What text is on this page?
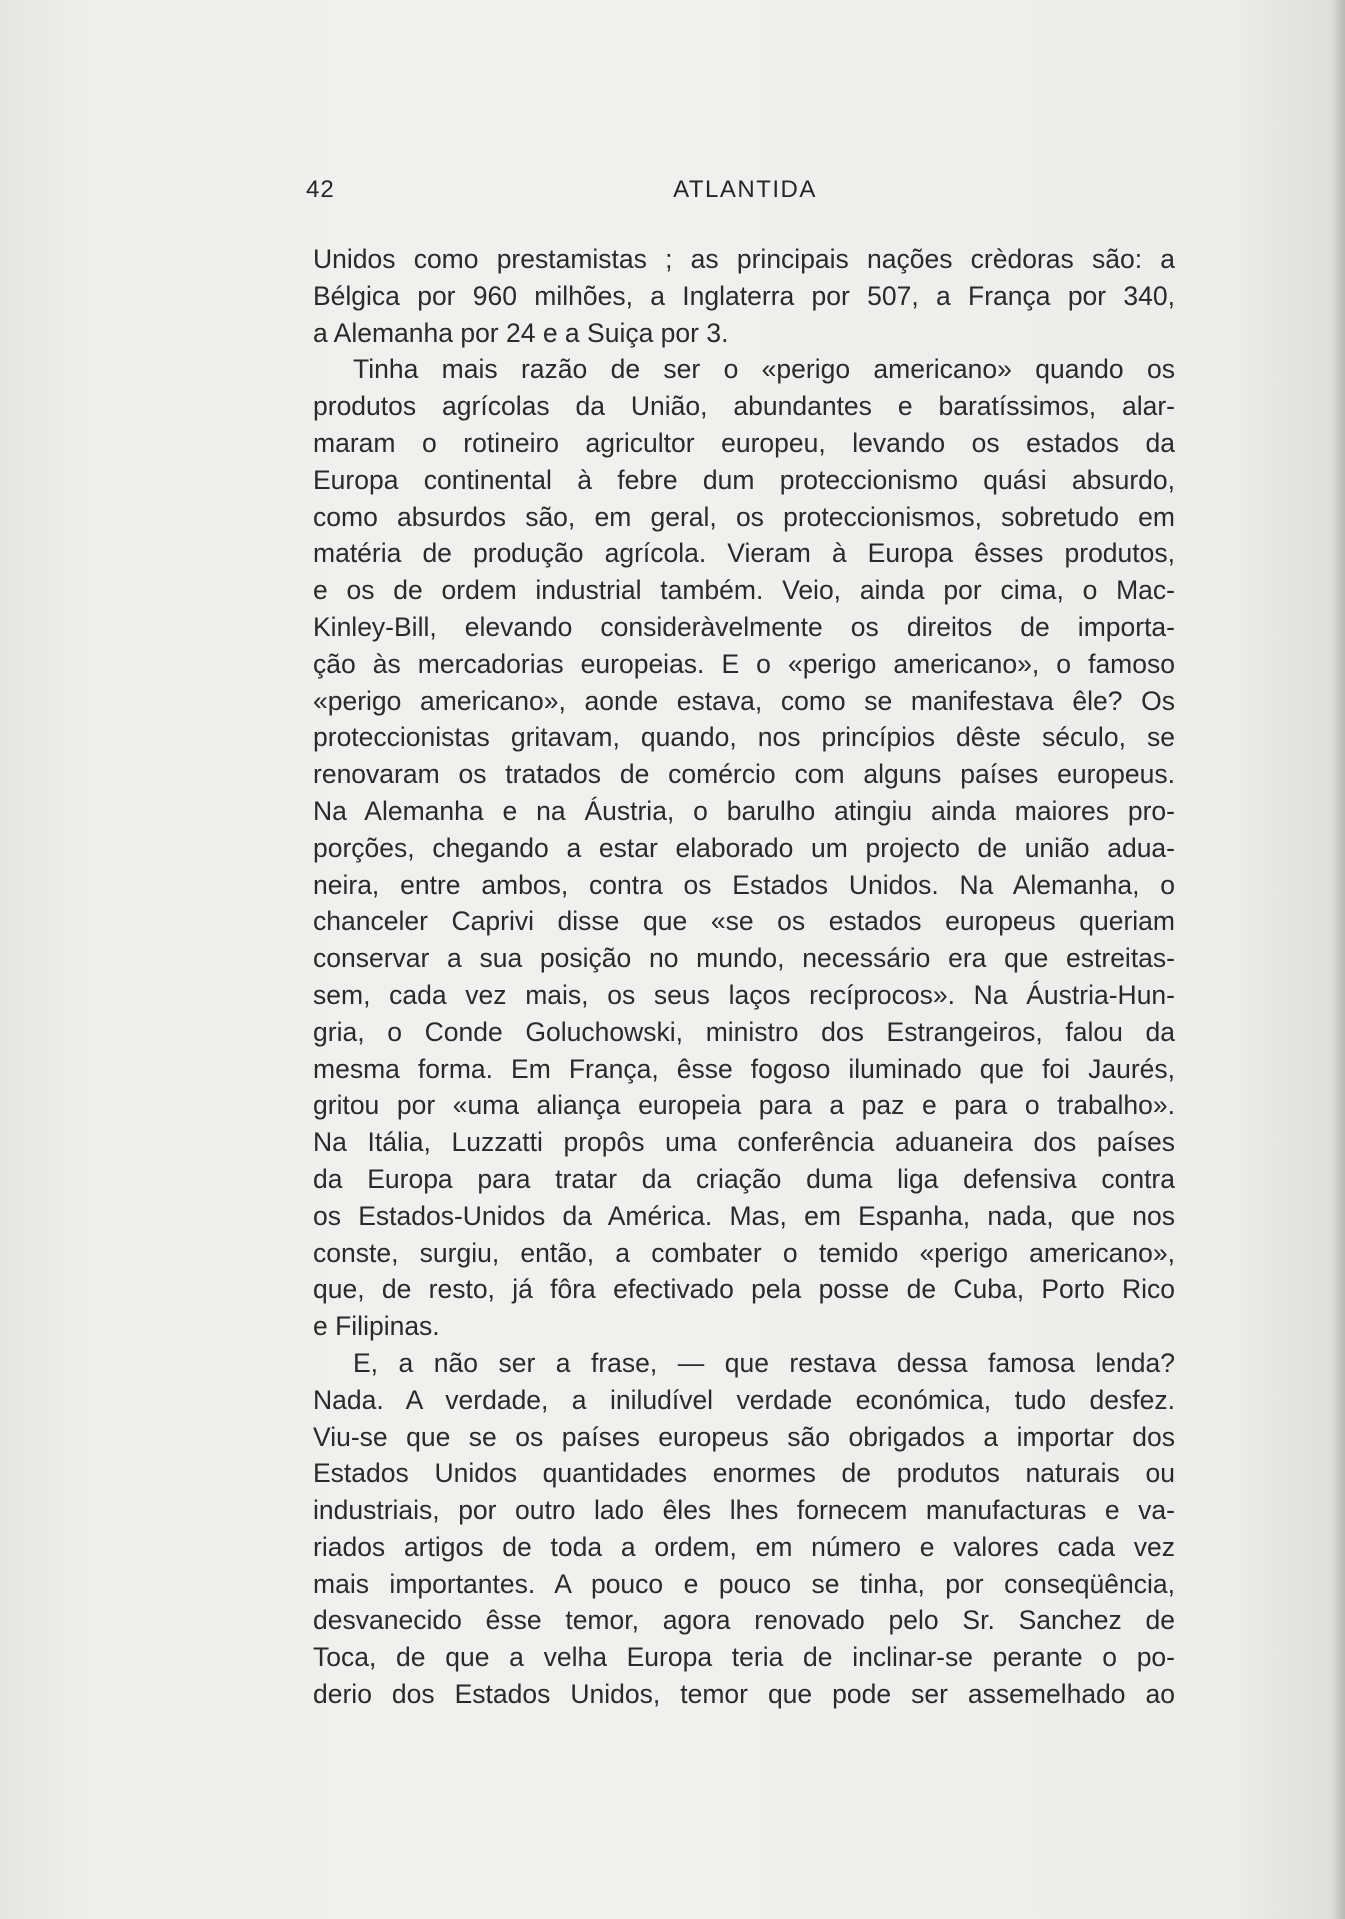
42	ATLANTIDA
Unidos como prestamistas ; as principais nações crèdoras são: a
Bélgica por 960 milhões, a Inglaterra por 507, a França por 340,
a Alemanha por 24 e a Suiça por 3.
Tinha mais razão de ser o «perigo americano» quando os
produtos agrícolas da União, abundantes e baratíssimos, alar-
maram o rotineiro agricultor europeu, levando os estados da
Europa continental à febre dum proteccionismo quási absurdo,
como absurdos são, em geral, os proteccionismos, sobretudo em
matéria de produção agrícola. Vieram à Europa êsses produtos,
e os de ordem industrial também. Veio, ainda por cima, o Mac-
Kinley-Bill, elevando consideràvelmente os direitos de importa-
ção às mercadorias europeias. E o «perigo americano», o famoso
«perigo americano», aonde estava, como se manifestava êle? Os
proteccionistas gritavam, quando, nos princípios dêste século, se
renovaram os tratados de comércio com alguns países europeus.
Na Alemanha e na Áustria, o barulho atingiu ainda maiores pro-
porções, chegando a estar elaborado um projecto de união adua-
neira, entre ambos, contra os Estados Unidos. Na Alemanha, o
chanceler Caprivi disse que «se os estados europeus queriam
conservar a sua posição no mundo, necessário era que estreitas-
sem, cada vez mais, os seus laços recíprocos». Na Áustria-Hun-
gria, o Conde Goluchowski, ministro dos Estrangeiros, falou da
mesma forma. Em França, êsse fogoso iluminado que foi Jaurés,
gritou por «uma aliança europeia para a paz e para o trabalho».
Na Itália, Luzzatti propôs uma conferência aduaneira dos países
da Europa para tratar da criação duma liga defensiva contra
os Estados-Unidos da América. Mas, em Espanha, nada, que nos
conste, surgiu, então, a combater o temido «perigo americano»,
que, de resto, já fôra efectivado pela posse de Cuba, Porto Rico
e Filipinas.
E, a não ser a frase, — que restava dessa famosa lenda?
Nada. A verdade, a iniludível verdade económica, tudo desfez.
Viu-se que se os países europeus são obrigados a importar dos
Estados Unidos quantidades enormes de produtos naturais ou
industriais, por outro lado êles lhes fornecem manufacturas e va-
riados artigos de toda a ordem, em número e valores cada vez
mais importantes. A pouco e pouco se tinha, por conseqüência,
desvanecido êsse temor, agora renovado pelo Sr. Sanchez de
Toca, de que a velha Europa teria de inclinar-se perante o po-
derio dos Estados Unidos, temor que pode ser assemelhado ao
